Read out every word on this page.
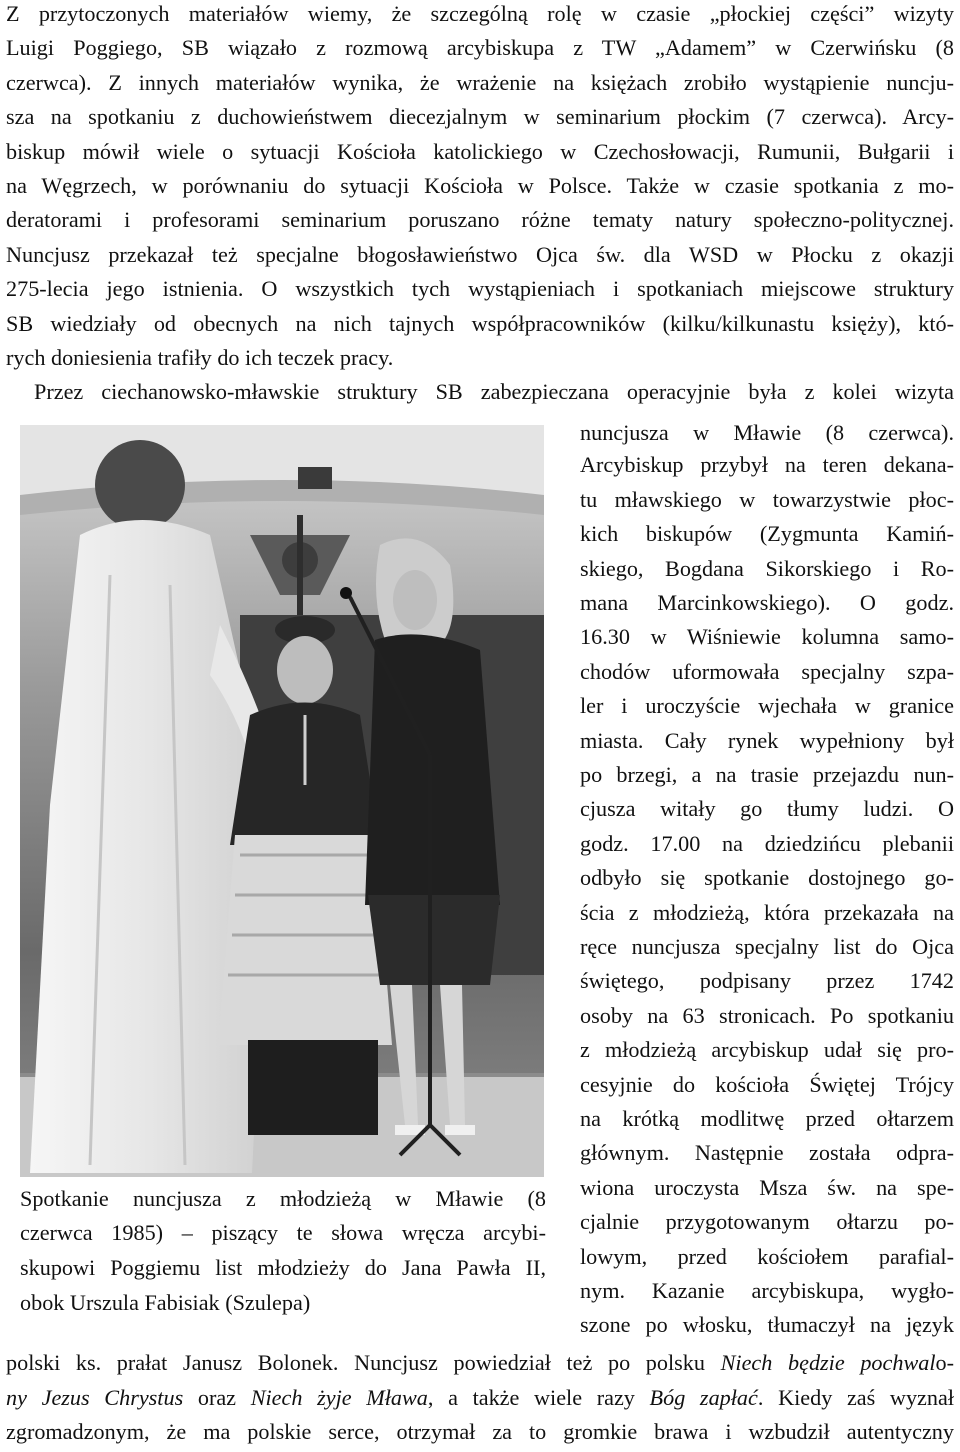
Z przytoczonych materiałów wiemy, że szczególną rolę w czasie „płockiej części” wizyty
Luigi Poggiego, SB wiązało z rozmową arcybiskupa z TW „Adamem” w Czerwińsku (8
czerwca). Z innych materiałów wynika, że wrażenie na księżach zrobiło wystąpienie nuncju-
sza na spotkaniu z duchowieństwem diecezjalnym w seminarium płockim (7 czerwca). Arcy-
biskup mówił wiele o sytuacji Kościoła katolickiego w Czechosłowacji, Rumunii, Bułgarii i
na Węgrzech, w porównaniu do sytuacji Kościoła w Polsce. Także w czasie spotkania z mo-
deratorami i profesorami seminarium poruszano różne tematy natury społeczno-politycznej.
Nuncjusz przekazał też specjalne błogosławieństwo Ojca św. dla WSD w Płocku z okazji
275-lecia jego istnienia. O wszystkich tych wystąpieniach i spotkaniach miejscowe struktury
SB wiedziały od obecnych na nich tajnych współpracowników (kilku/kilkunastu księży), któ-
rych doniesienia trafiły do ich teczek pracy.
Przez ciechanowsko-mławskie struktury SB zabezpieczana operacyjnie była z kolei wizyta
nuncjusza w Mławie (8 czerwca).
Arcybiskup przybył na teren dekana-
tu mławskiego w towarzystwie płoc-
kich biskupów (Zygmunta Kamiń-
skiego, Bogdana Sikorskiego i Ro-
mana Marcinkowskiego). O godz.
16.30 w Wiśniewie kolumna samo-
chodów uformowała specjalny szpa-
ler i uroczyście wjechała w granice
miasta. Cały rynek wypełniony był
po brzegi, a na trasie przejazdu nun-
cjusza witały go tłumy ludzi. O
godz. 17.00 na dziedzińcu plebanii
odbyło się spotkanie dostojnego go-
ścia z młodzieżą, która przekazała na
ręce nuncjusza specjalny list do Ojca
świętego, podpisany przez 1742
osoby na 63 stronicach. Po spotkaniu
z młodzieżą arcybiskup udał się pro-
cesyjnie do kościoła Świętej Trójcy
na krótką modlitwę przed ołtarzem
głównym. Następnie została odpra-
wiona uroczysta Msza św. na spe-
cjalnie przygotowanym ołtarzu po-
lowym, przed kościołem parafial-
nym. Kazanie arcybiskupa, wygło-
szone po włosku, tłumaczył na język
Spotkanie nuncjusza z młodzieżą w Mławie (8
czerwca 1985) – piszący te słowa wręcza arcybi-
skupowi Poggiemu list młodzieży do Jana Pawła II,
obok Urszula Fabisiak (Szulepa)
polski ks. prałat Janusz Bolonek. Nuncjusz powiedział też po polsku Niech będzie pochwalo-
ny Jezus Chrystus oraz Niech żyje Mława, a także wiele razy Bóg zapłać. Kiedy zaś wyznał
zgromadzonym, że ma polskie serce, otrzymał za to gromkie brawa i wzbudził autentyczny
